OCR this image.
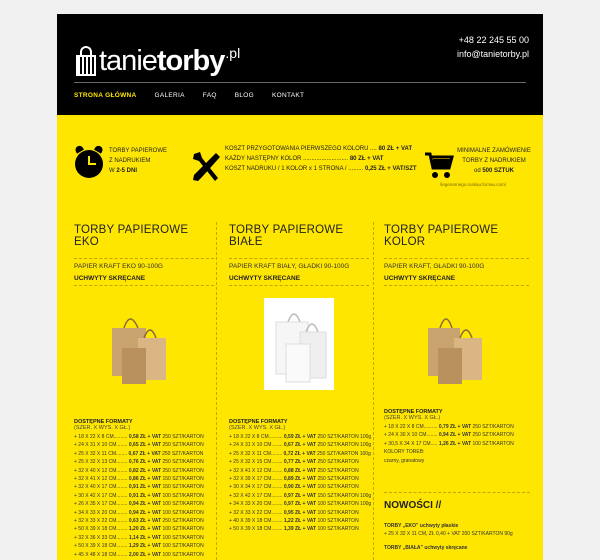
tanietorby .pl
+48 22 245 55 00
info@tanietorby.pl
STRONA GŁÓWNA	GALERIA	FAQ	BLOG	KONTAKT
TORBY PAPIEROWE
Z NADRUKIEM
W 2-5 DNI
KOSZT PRZYGOTOWANIA PIERWSZEGO KOLORU .... 80 ZŁ + VAT
KAŻDY NASTĘPNY KOLOR ........................... 80 ZŁ + VAT
KOSZT NADRUKU / 1 KOLOR x 1 STRONA / ......... 0,25 ZŁ + VAT/SZT
MINIMALNE ZAMÓWIENIE
TORBY Z NADRUKIEM
od 500 SZTUK
/legenarnego.ruskau.fornau.com/
TORBY PAPIEROWE EKO
PAPIER KRAFT EKO 90-100G
UCHWYTY SKRĘCANE
DOSTĘPNE FORMATY
(SZER. X WYS. X GŁ.)
+ 18 X 22 X 8 CM.......... 0,58 ZŁ + VAT 250 SZT/KARTON
+ 24 X 31 X 10 CM........ 0,65 ZŁ + VAT 250 SZT/KARTON
+ 25 X 32 X 11 CM........ 0,67 ZŁ + VAT 250 SZT/KARTON
+ 25 X 32 X 13 CM........ 0,76 ZŁ + VAT 250 SZT/KARTON
+ 32 X 40 X 12 CM........ 0,82 ZŁ + VAT 250 SZT/KARTON
+ 32 X 41 X 12 CM........ 0,86 ZŁ + VAT 150 SZT/KARTON
+ 32 X 40 X 17 CM........ 0,91 ZŁ + VAT 150 SZT/KARTON
+ 30 X 42 X 17 CM........ 0,91 ZŁ + VAT 100 SZT/KARTON
+ 26 X 35 X 17 CM........ 0,94 ZŁ + VAT 100 SZT/KARTON
+ 34 X 33 X 20 CM........ 0,94 ZŁ + VAT 100 SZT/KARTON
+ 32 X 33 X 22 CM........ 0,63 ZŁ + VAT 250 SZT/KARTON
+ 50 X 39 X 18 CM........ 1,20 ZŁ + VAT 100 SZT/KARTON
+ 32 X 36 X 33 CM........ 1,14 ZŁ + VAT 100 SZT/KARTON
+ 50 X 39 X 18 CM........ 1,29 ZŁ + VAT 100 SZT/KARTON
+ 45 X 48 X 18 CM........ 2,00 ZŁ + VAT 100 SZT/KARTON
TORBY PAPIEROWE BIAŁE
PAPIER KRAFT BIAŁY, GŁADKI 90-100G
UCHWYTY SKRĘCANE
DOSTĘPNE FORMATY
(SZER. X WYS. X GŁ.)
+ 18 X 22 X 8 CM.......... 0,59 ZŁ + VAT 250 SZT/KARTON 100g
+ 24 X 31 X 10 CM........ 0,67 ZŁ + VAT 250 SZT/KARTON 100g
+ 25 X 32 X 11 CM........ 0,72 ZŁ + VAT 250 SZT/KARTON 100g
+ 25 X 32 X 15 CM........ 0,77 ZŁ + VAT 250 SZT/KARTON
+ 32 X 41 X 12 CM........ 0,88 ZŁ + VAT 250 SZT/KARTON
+ 32 X 39 X 17 CM........ 0,89 ZŁ + VAT 250 SZT/KARTON
+ 30 X 34 X 17 CM........ 0,90 ZŁ + VAT 100 SZT/KARTON
+ 32 X 42 X 17 CM........ 0,97 ZŁ + VAT 150 SZT/KARTON 100g
+ 34 X 33 X 20 CM........ 0,97 ZŁ + VAT 100 SZT/KARTON 100g
+ 32 X 33 X 22 CM........ 0,95 ZŁ + VAT 100 SZT/KARTON
+ 40 X 39 X 18 CM........ 1,22 ZŁ + VAT 100 SZT/KARTON
+ 50 X 39 X 18 CM........ 1,39 ZŁ + VAT 100 SZT/KARTON
TORBY PAPIEROWE KOLOR
PAPIER KRAFT, GŁADKI 90-100G
UCHWYTY SKRĘCANE
DOSTĘPNE FORMATY
(SZER. X WYS. X GŁ.)
+ 18 X 22 X 8 CM.......... 0,79 ZŁ + VAT 250 SZT/KARTON
+ 24 X 30 X 10 CM........ 0,94 ZŁ + VAT 250 SZT/KARTON
+ 30,5 X 34 X 17 CM..... 1,26 ZŁ + VAT 100 SZT/KARTON
KOLORY TOREB:
czarny, granatowy
NOWOŚCI //
TORBY „EKO” uchwyty płaskie
+ 25 X 32 X 11 CM, ZŁ 0,40 + VAT 200 SZT/KARTON 90g
TORBY „BIAŁA” uchwyty skręcane
